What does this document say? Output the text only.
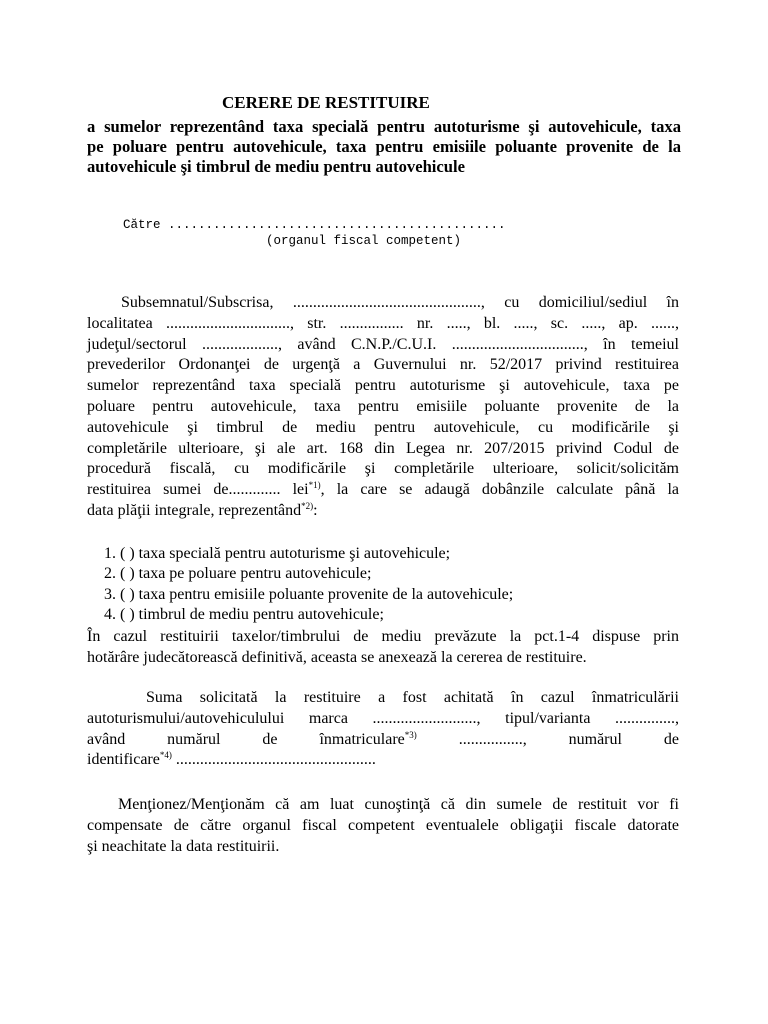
CERERE DE RESTITUIRE
a sumelor reprezentând taxa specială pentru autoturisme şi autovehicule, taxa
pe poluare pentru autovehicule, taxa pentru emisiile poluante provenite de la
autovehicule şi timbrul de mediu pentru autovehicule
Către .............................................
(organul fiscal competent)
Subsemnatul/Subscrisa, ..............................................., cu domiciliul/sediul în
localitatea ..............................., str. ................ nr. ....., bl. ....., sc. ....., ap. ......,
judeţul/sectorul ..................., având C.N.P./C.U.I. ................................., în temeiul
prevederilor Ordonanţei de urgenţă a Guvernului nr. 52/2017 privind restituirea
sumelor reprezentând taxa specială pentru autoturisme şi autovehicule, taxa pe
poluare pentru autovehicule, taxa pentru emisiile poluante provenite de la
autovehicule şi timbrul de mediu pentru autovehicule, cu modificările şi
completările ulterioare, şi ale art. 168 din Legea nr. 207/2015 privind Codul de
procedură fiscală, cu modificările şi completările ulterioare, solicit/solicităm
restituirea sumei de............. lei$^{*1)}$, la care se adaugă dobânzile calculate până la
data plăţii integrale, reprezentând$^{*2)}$:
1. ( ) taxa specială pentru autoturisme şi autovehicule;
2. ( ) taxa pe poluare pentru autovehicule;
3. ( ) taxa pentru emisiile poluante provenite de la autovehicule;
4. ( ) timbrul de mediu pentru autovehicule;
În cazul restituirii taxelor/timbrului de mediu prevăzute la pct.1-4 dispuse prin
hotărâre judecătorească definitivă, aceasta se anexează la cererea de restituire.
Suma solicitată la restituire a fost achitată în cazul înmatriculării
autoturismului/autovehiculului marca .........................., tipul/varianta ...............,
având numărul de înmatriculare$^{*3)}$ ................, numărul de
identificare$^{*4)}$ ..................................................
Menţionez/Menţionăm că am luat cunoştinţă că din sumele de restituit vor fi
compensate de către organul fiscal competent eventualele obligaţii fiscale datorate
şi neachitate la data restituirii.
